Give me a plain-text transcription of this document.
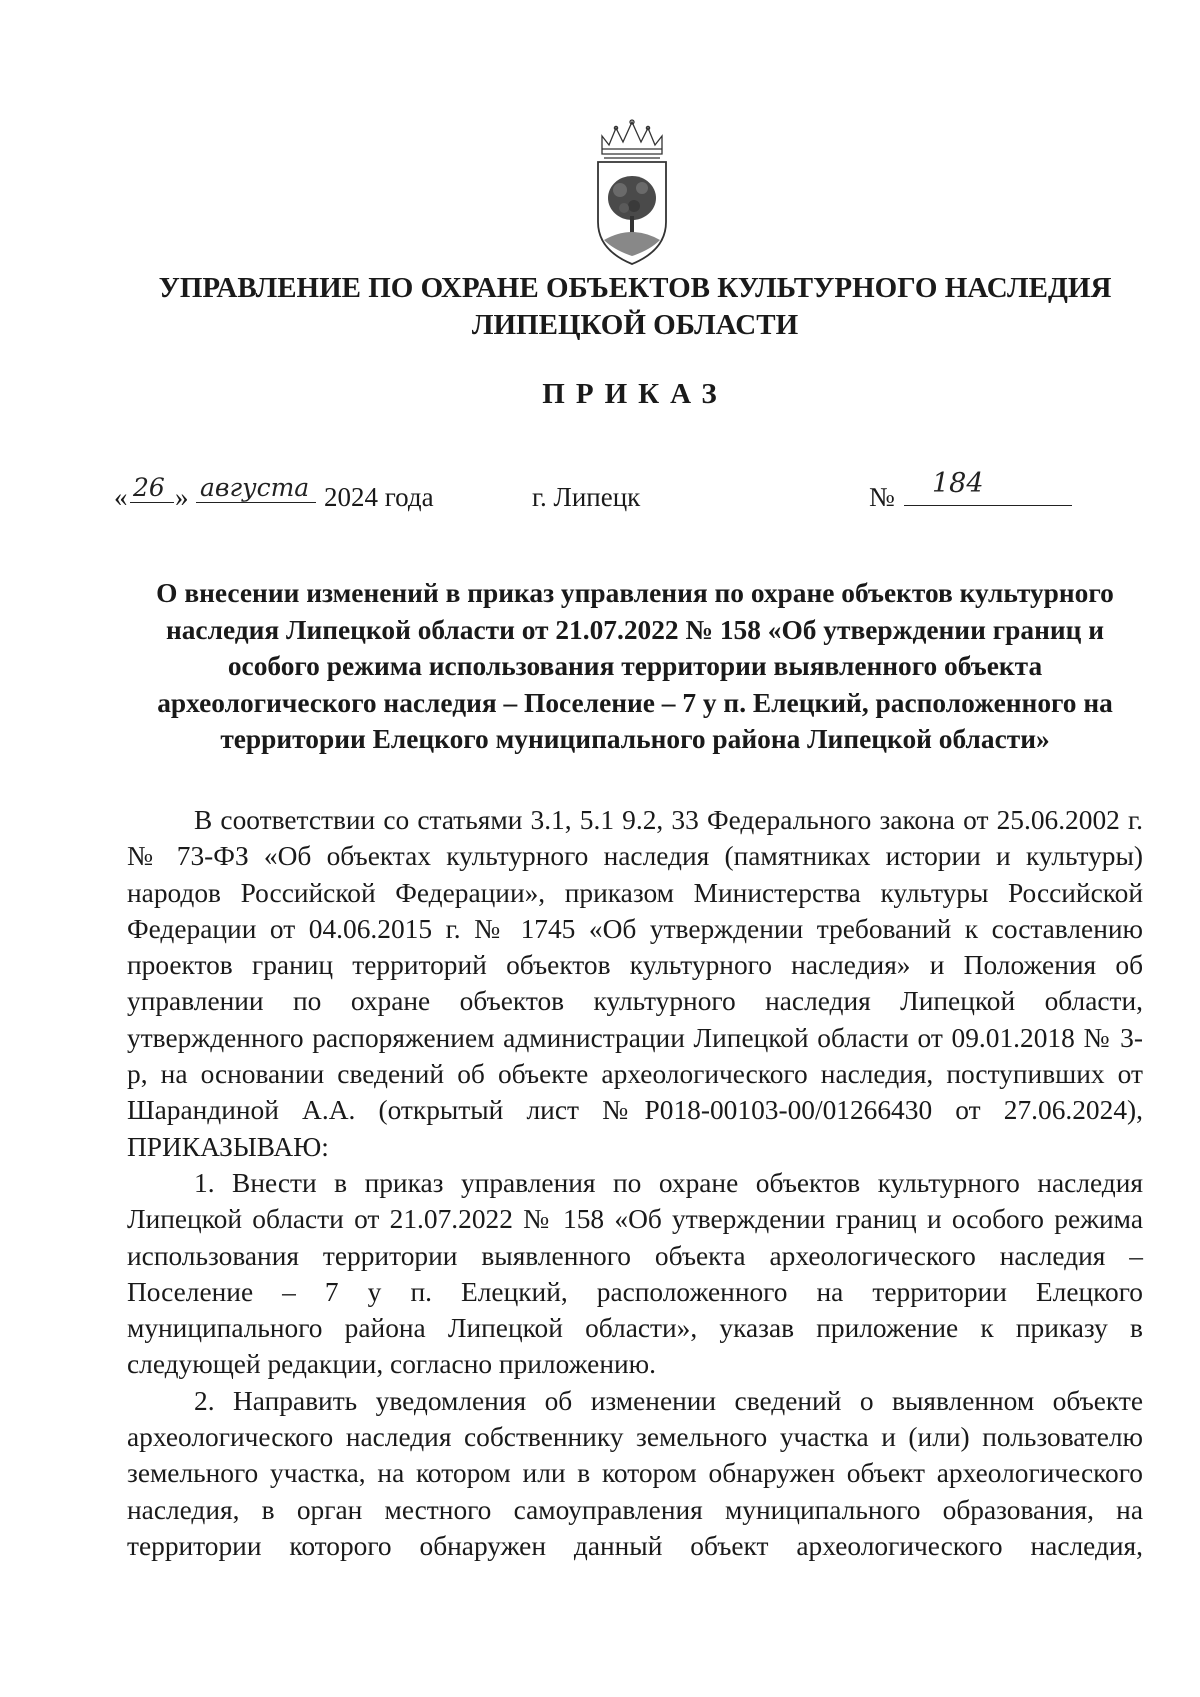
УПРАВЛЕНИЕ ПО ОХРАНЕ ОБЪЕКТОВ КУЛЬТУРНОГО НАСЛЕДИЯ
ЛИПЕЦКОЙ ОБЛАСТИ
ПРИКАЗ
« 26 » августа 2024 года	г. Липецк	№ 184
О внесении изменений в приказ управления по охране объектов культурного наследия Липецкой области от 21.07.2022 № 158 «Об утверждении границ и особого режима использования территории выявленного объекта археологического наследия – Поселение – 7 у п. Елецкий, расположенного на территории Елецкого муниципального района Липецкой области»

В соответствии со статьями 3.1, 5.1 9.2, 33 Федерального закона от 25.06.2002 г. № 73-ФЗ «Об объектах культурного наследия (памятниках истории и культуры) народов Российской Федерации», приказом Министерства культуры Российской Федерации от 04.06.2015 г. № 1745 «Об утверждении требований к составлению проектов границ территорий объектов культурного наследия» и Положения об управлении по охране объектов культурного наследия Липецкой области, утвержденного распоряжением администрации Липецкой области от 09.01.2018 № 3-р, на основании сведений об объекте археологического наследия, поступивших от Шарандиной А.А. (открытый лист №Р018-00103-00/01266430 от 27.06.2024), ПРИКАЗЫВАЮ:

1. Внести в приказ управления по охране объектов культурного наследия Липецкой области от 21.07.2022 № 158 «Об утверждении границ и особого режима использования территории выявленного объекта археологического наследия – Поселение – 7 у п. Елецкий, расположенного на территории Елецкого муниципального района Липецкой области», указав приложение к приказу в следующей редакции, согласно приложению.

2. Направить уведомления об изменении сведений о выявленном объекте археологического наследия собственнику земельного участка и (или) пользователю земельного участка, на котором или в котором обнаружен объект археологического наследия, в орган местного самоуправления муниципального образования, на территории которого обнаружен данный объект археологического наследия,
